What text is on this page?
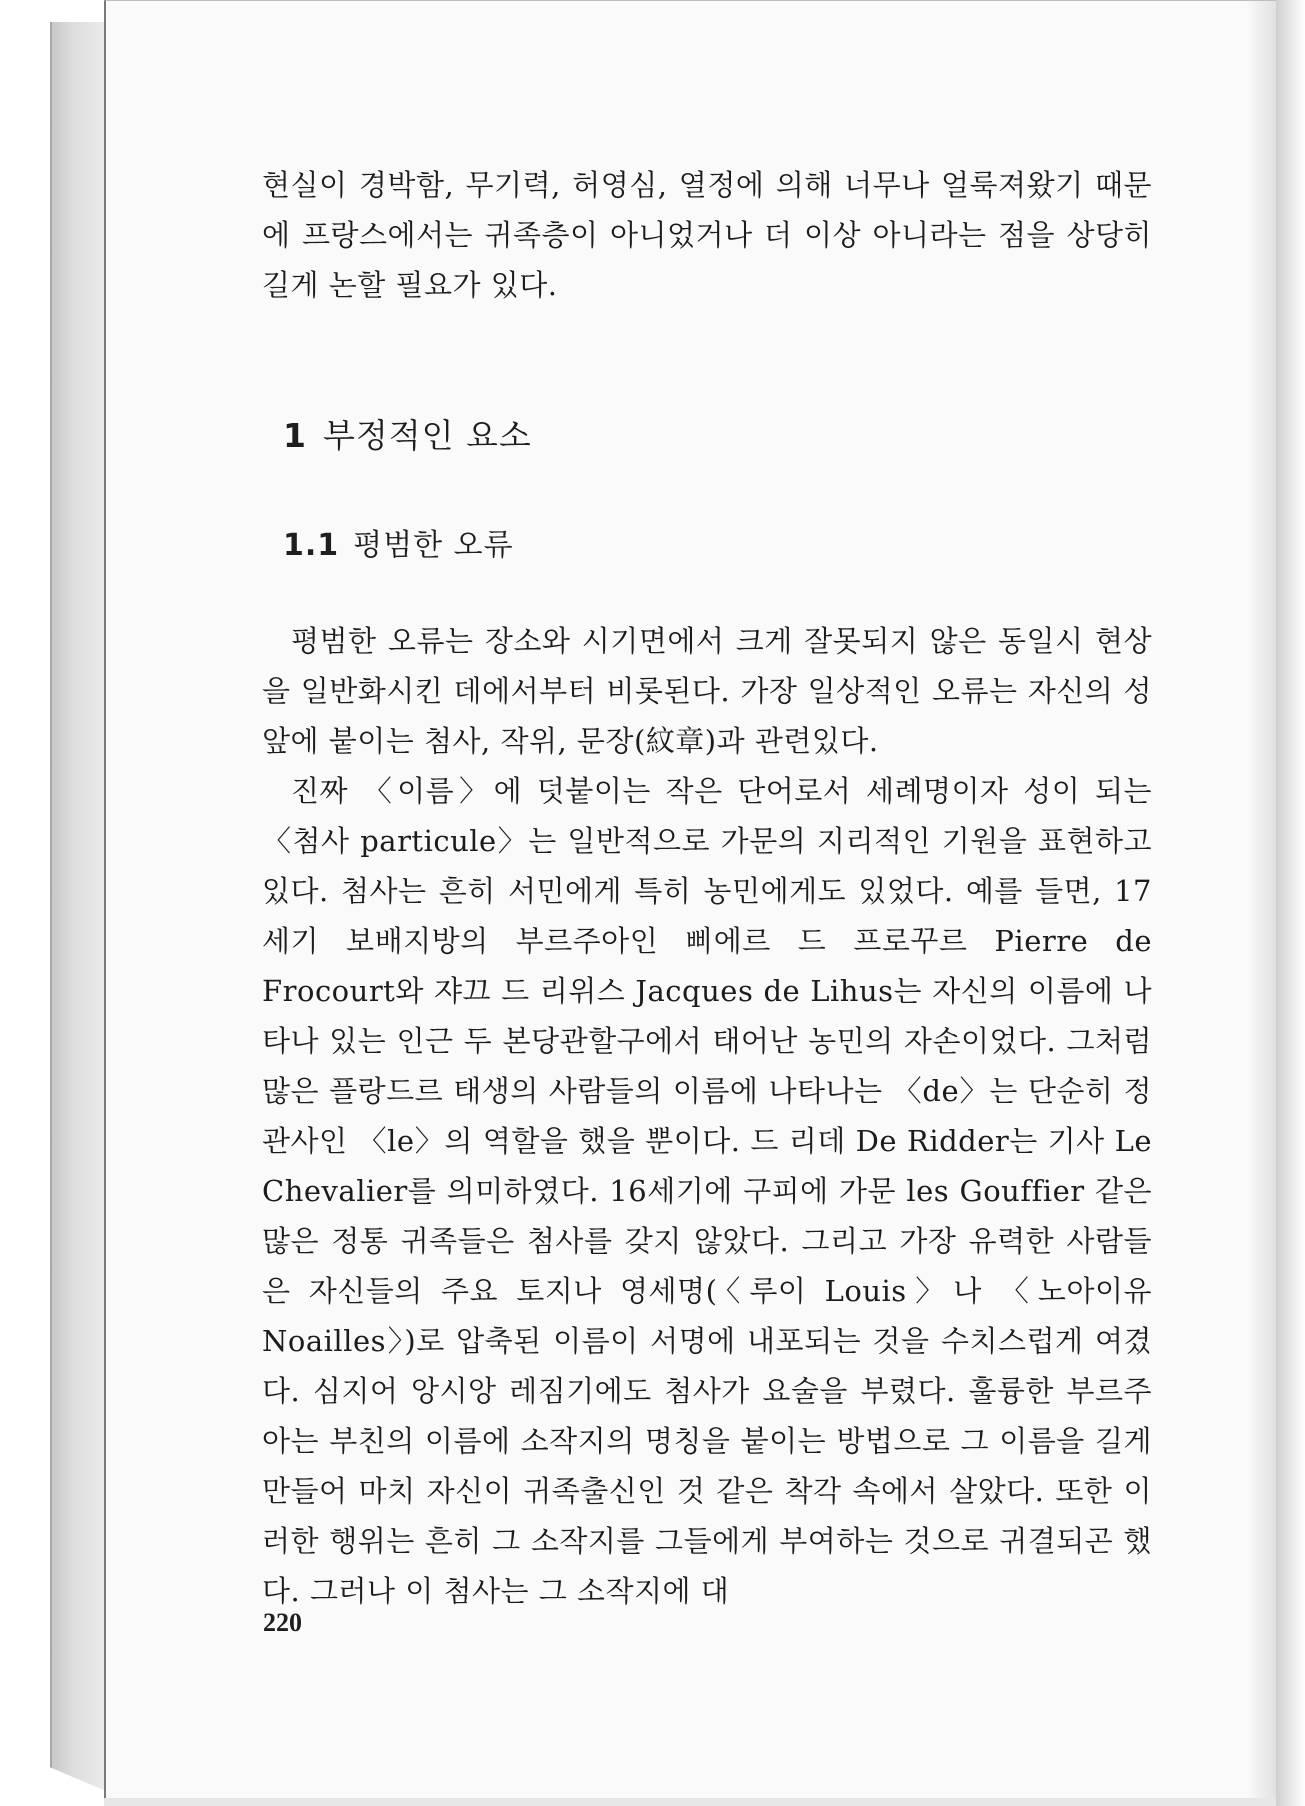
현실이 경박함, 무기력, 허영심, 열정에 의해 너무나 얼룩져왔기 때문에 프랑스에서는 귀족층이 아니었거나 더 이상 아니라는 점을 상당히 길게 논할 필요가 있다.

1 부정적인 요소
1.1 평범한 오류

평범한 오류는 장소와 시기면에서 크게 잘못되지 않은 동일시 현상을 일반화시킨 데에서부터 비롯된다. 가장 일상적인 오류는 자신의 성 앞에 붙이는 첨사, 작위, 문장(紋章)과 관련있다.

진짜 〈이름〉에 덧붙이는 작은 단어로서 세례명이자 성이 되는 〈첨사 particule〉는 일반적으로 가문의 지리적인 기원을 표현하고 있다. 첨사는 흔히 서민에게 특히 농민에게도 있었다. 예를 들면, 17세기 보배지방의 부르주아인 삐에르 드 프로꾸르 Pierre de Frocourt와 쟈끄 드 리위스 Jacques de Lihus는 자신의 이름에 나타나 있는 인근 두 본당관할구에서 태어난 농민의 자손이었다. 그처럼 많은 플랑드르 태생의 사람들의 이름에 나타나는 〈de〉는 단순히 정관사인 〈le〉의 역할을 했을 뿐이다. 드 리데 De Ridder는 기사 Le Chevalier를 의미하였다. 16세기에 구피에 가문 les Gouffier 같은 많은 정통 귀족들은 첨사를 갖지 않았다. 그리고 가장 유력한 사람들은 자신들의 주요 토지나 영세명(〈루이 Louis〉나 〈노아이유 Noailles〉)로 압축된 이름이 서명에 내포되는 것을 수치스럽게 여겼다. 심지어 앙시앙 레짐기에도 첨사가 요술을 부렸다. 훌륭한 부르주아는 부친의 이름에 소작지의 명칭을 붙이는 방법으로 그 이름을 길게 만들어 마치 자신이 귀족출신인 것 같은 착각 속에서 살았다. 또한 이러한 행위는 흔히 그 소작지를 그들에게 부여하는 것으로 귀결되곤 했다. 그러나 이 첨사는 그 소작지에 대

220
